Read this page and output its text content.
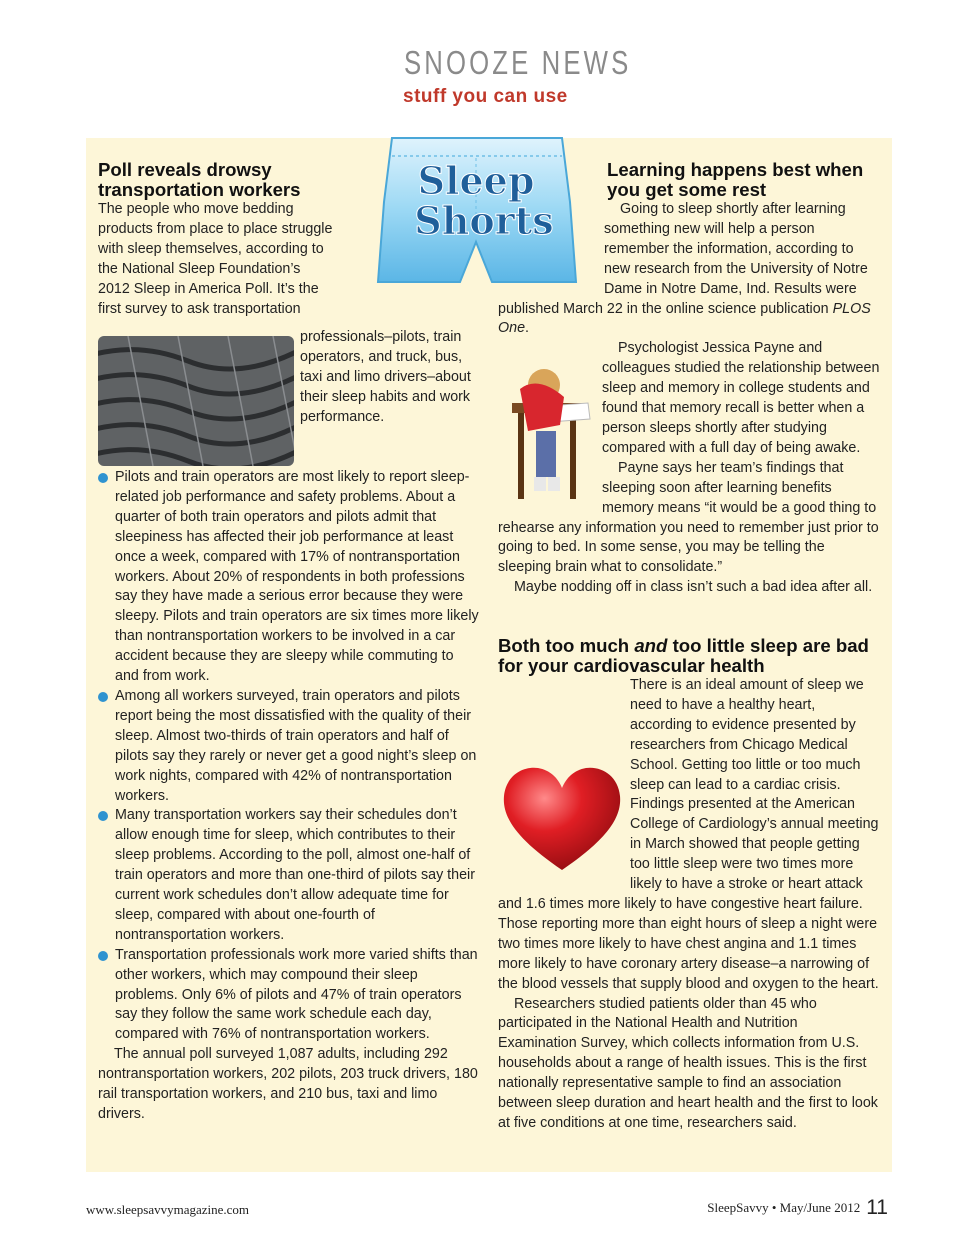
SNOOZE NEWS
stuff you can use
Sleep
Shorts
Poll reveals drowsy transportation workers

The people who move bedding products from place to place struggle with sleep themselves, according to the National Sleep Foundation’s 2012 Sleep in America Poll. It’s the first survey to ask transportation professionals–pilots, train operators, and truck, bus, taxi and limo drivers–about their sleep habits and work performance.

Pilots and train operators are most likely to report sleep-related job performance and safety problems. About a quarter of both train operators and pilots admit that sleepiness has affected their job performance at least once a week, compared with 17% of nontransportation workers. About 20% of respondents in both professions say they have made a serious error because they were sleepy. Pilots and train operators are six times more likely than nontransportation workers to be involved in a car accident because they are sleepy while commuting to and from work.

Among all workers surveyed, train operators and pilots report being the most dissatisfied with the quality of their sleep. Almost two-thirds of train operators and half of pilots say they rarely or never get a good night’s sleep on work nights, compared with 42% of nontransportation workers.

Many transportation workers say their schedules don’t allow enough time for sleep, which contributes to their sleep problems. According to the poll, almost one-half of train operators and more than one-third of pilots say their current work schedules don’t allow adequate time for sleep, compared with about one-fourth of nontransportation workers.

Transportation professionals work more varied shifts than other workers, which may compound their sleep problems. Only 6% of pilots and 47% of train operators say they follow the same work schedule each day, compared with 76% of nontransportation workers.

The annual poll surveyed 1,087 adults, including 292 nontransportation workers, 202 pilots, 203 truck drivers, 180 rail transportation workers, and 210 bus, taxi and limo drivers.

Learning happens best when you get some rest

Going to sleep shortly after learning something new will help a person remember the information, according to new research from the University of Notre Dame in Notre Dame, Ind. Results were published March 22 in the online science publication PLOS One.

Psychologist Jessica Payne and colleagues studied the relationship between sleep and memory in college students and found that memory recall is better when a person sleeps shortly after studying compared with a full day of being awake.

Payne says her team’s findings that sleeping soon after learning benefits memory means “it would be a good thing to rehearse any information you need to remember just prior to going to bed. In some sense, you may be telling the sleeping brain what to consolidate.”

Maybe nodding off in class isn’t such a bad idea after all.

Both too much and too little sleep are bad for your cardiovascular health

There is an ideal amount of sleep we need to have a healthy heart, according to evidence presented by researchers from Chicago Medical School. Getting too little or too much sleep can lead to a cardiac crisis. Findings presented at the American College of Cardiology’s annual meeting in March showed that people getting too little sleep were two times more likely to have a stroke or heart attack and 1.6 times more likely to have congestive heart failure. Those reporting more than eight hours of sleep a night were two times more likely to have chest angina and 1.1 times more likely to have coronary artery disease–a narrowing of the blood vessels that supply blood and oxygen to the heart.

Researchers studied patients older than 45 who participated in the National Health and Nutrition Examination Survey, which collects information from U.S. households about a range of health issues. This is the first nationally representative sample to find an association between sleep duration and heart health and the first to look at five conditions at one time, researchers said.

www.sleepsavvymagazine.com	SleepSavvy • May/June 2012 11
